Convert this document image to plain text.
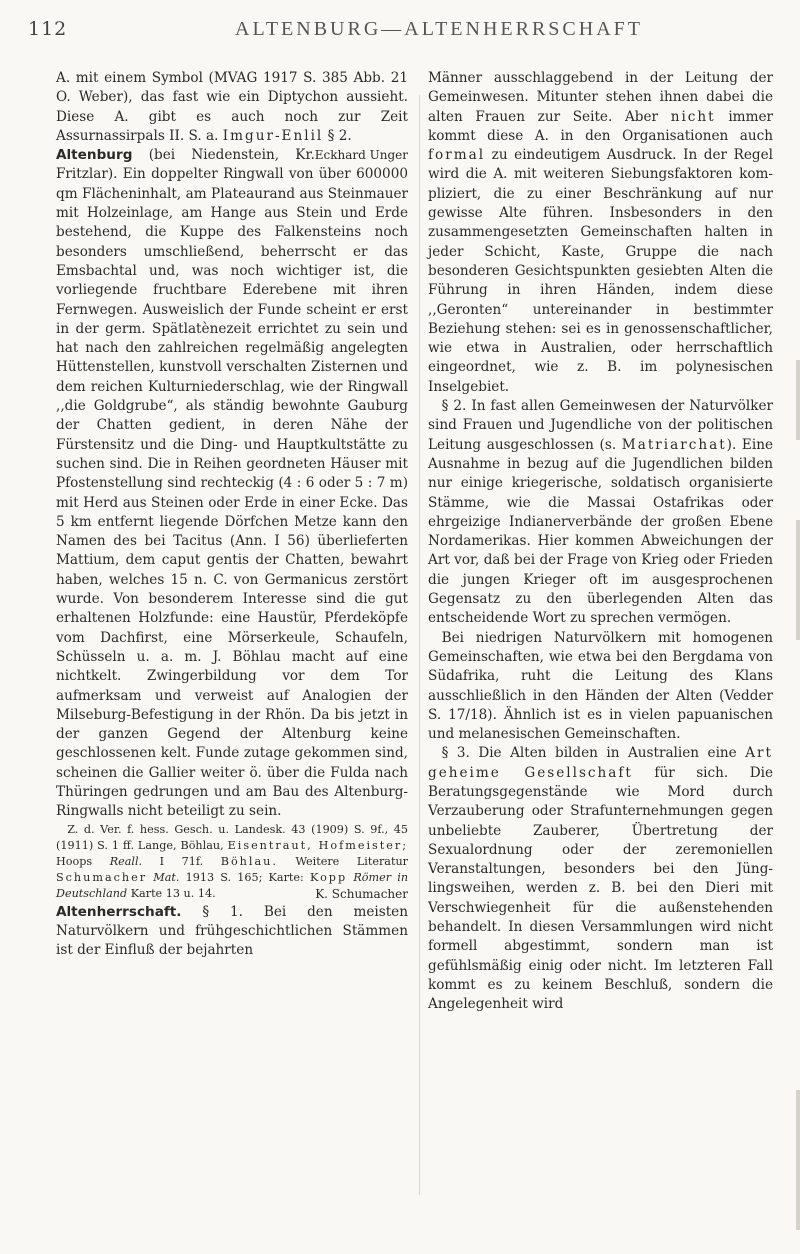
112	ALTENBURG—ALTENHERRSCHAFT

A. mit einem Symbol (MVAG 1917 S. 385 Abb. 21 O. Weber), das fast wie ein Diptychon aussieht. Diese A. gibt es auch noch zur Zeit Assurnassirpals II. S. a. Imgur-Enlil § 2.
Eckhard Unger

Altenburg (bei Niedenstein, Kr. Fritzlar). Ein doppelter Ringwall von über 600000 qm Flächeninhalt, am Plateaurand aus Steinmauer mit Holzeinlage, am Hange aus Stein und Erde bestehend, die Kuppe des Falkensteins noch besonders umschließend, beherrscht er das Emsbachtal und, was noch wichtiger ist, die vorliegende fruchtbare Ederebene mit ihren Fernwegen. Ausweislich der Funde scheint er erst in der germ. Spätlatènezeit errichtet zu sein und hat nach den zahlreichen regelmäßig angelegten Hüttenstellen, kunstvoll verschalten Zisternen und dem reichen Kulturniederschlag, wie der Ringwall ,,die Goldgrube“, als ständig bewohnte Gauburg der Chatten gedient, in deren Nähe der Fürstensitz und die Ding- und Hauptkultstätte zu suchen sind. Die in Reihen geordneten Häuser mit Pfostenstellung sind rechteckig (4 : 6 oder 5 : 7 m) mit Herd aus Steinen oder Erde in einer Ecke. Das 5 km entfernt liegende Dörfchen Metze kann den Namen des bei Tacitus (Ann. I 56) überlieferten Mattium, dem caput gentis der Chatten, bewahrt haben, welches 15 n. C. von Germanicus zerstört wurde. Von besonderem Interesse sind die gut erhaltenen Holzfunde: eine Haustür, Pferdeköpfe vom Dachfirst, eine Mörserkeule, Schaufeln, Schüsseln u. a. m. J. Böhlau macht auf eine nichtkelt. Zwingerbildung vor dem Tor aufmerksam und verweist auf Analogien der Milseburg-Befestigung in der Rhön. Da bis jetzt in der ganzen Gegend der Altenburg keine geschlossenen kelt. Funde zutage gekommen sind, scheinen die Gallier weiter ö. über die Fulda nach Thüringen gedrungen und am Bau des Altenburg-Ringwalls nicht beteiligt zu sein.

 Z. d. Ver. f. hess. Gesch. u. Landesk. 43 (1909) S. 9f., 45 (1911) S. 1 ff. Lange, Böhlau, Eisentraut, Hofmeister; Hoops Reall. I 71f. Böhlau. Weitere Literatur Schumacher Mat. 1913 S. 165; Karte: Kopp Römer in Deutschland Karte 13 u. 14.	K. Schumacher

Altenherrschaft. § 1. Bei den meisten Naturvölkern und frühgeschichtlichen Stämmen ist der Einfluß der bejahrten

Männer ausschlaggebend in der Leitung der Gemeinwesen. Mitunter stehen ihnen dabei die alten Frauen zur Seite. Aber nicht immer kommt diese A. in den Organisationen auch formal zu eindeutigem Ausdruck. In der Regel wird die A. mit weiteren Siebungsfaktoren kompliziert, die zu einer Beschränkung auf nur gewisse Alte führen. Insbesonders in den zusammengesetzten Gemeinschaften halten in jeder Schicht, Kaste, Gruppe die nach besonderen Gesichtspunkten gesiebten Alten die Führung in ihren Händen, indem diese ,,Geronten“ untereinander in bestimmter Beziehung stehen: sei es in genossenschaftlicher, wie etwa in Australien, oder herrschaftlich eingeordnet, wie z. B. im polynesischen Inselgebiet.

 § 2. In fast allen Gemeinwesen der Naturvölker sind Frauen und Jugendliche von der politischen Leitung ausgeschlossen (s. Matriarchat). Eine Ausnahme in bezug auf die Jugendlichen bilden nur einige kriegerische, soldatisch organisierte Stämme, wie die Massai Ostafrikas oder ehrgeizige Indianerverbände der großen Ebene Nordamerikas. Hier kommen Abweichungen der Art vor, daß bei der Frage von Krieg oder Frieden die jungen Krieger oft im ausgesprochenen Gegensatz zu den überlegenden Alten das entscheidende Wort zu sprechen vermögen.

 Bei niedrigen Naturvölkern mit homogenen Gemeinschaften, wie etwa bei den Bergdama von Südafrika, ruht die Leitung des Klans ausschließlich in den Händen der Alten (Vedder S. 17/18). Ähnlich ist es in vielen papuanischen und melanesischen Gemeinschaften.

 § 3. Die Alten bilden in Australien eine Art geheime Gesellschaft für sich. Die Beratungsgegenstände wie Mord durch Verzauberung oder Strafunternehmungen gegen unbeliebte Zauberer, Übertretung der Sexualordnung oder der zeremoniellen Veranstaltungen, besonders bei den Jünglingsweihen, werden z. B. bei den Dieri mit Verschwiegenheit für die außenstehenden behandelt. In diesen Versammlungen wird nicht formell abgestimmt, sondern man ist gefühlsmäßig einig oder nicht. Im letzteren Fall kommt es zu keinem Beschluß, sondern die Angelegenheit wird
